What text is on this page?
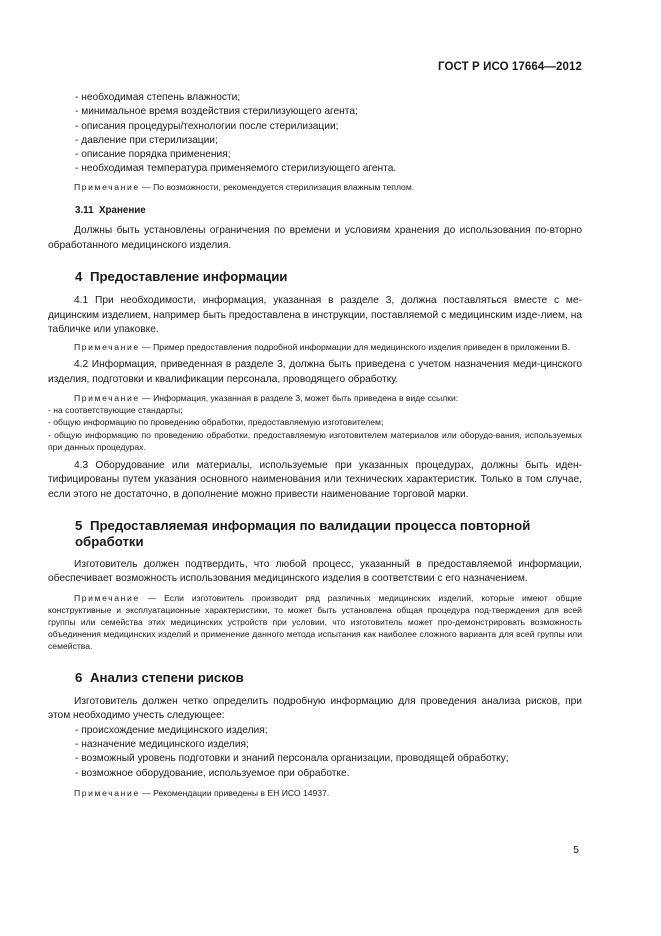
ГОСТ Р ИСО 17664—2012
- необходимая степень влажности;
- минимальное время воздействия стерилизующего агента;
- описания процедуры/технологии после стерилизации;
- давление при стерилизации;
- описание порядка применения;
- необходимая температура применяемого стерилизующего агента.
Примечание — По возможности, рекомендуется стерилизация влажным теплом.
3.11 Хранение
Должны быть установлены ограничения по времени и условиям хранения до использования по-вторно обработанного медицинского изделия.
4 Предоставление информации
4.1 При необходимости, информация, указанная в разделе 3, должна поставляться вместе с ме-дицинским изделием, например быть предоставлена в инструкции, поставляемой с медицинским изде-лием, на табличке или упаковке.
Примечание — Пример предоставления подробной информации для медицинского изделия приведен в приложении В.
4.2 Информация, приведенная в разделе 3, должна быть приведена с учетом назначения меди-цинского изделия, подготовки и квалификации персонала, проводящего обработку.
Примечание — Информация, указанная в разделе 3, может быть приведена в виде ссылки:
- на соответствующие стандарты;
- общую информацию по проведению обработки, предоставляемую изготовителем;
- общую информацию по проведению обработки, предоставляемую изготовителем материалов или оборудо-вания, используемых при данных процедурах.
4.3 Оборудование или материалы, используемые при указанных процедурах, должны быть иден-тифицированы путем указания основного наименования или технических характеристик. Только в том случае, если этого не достаточно, в дополнение можно привести наименование торговой марки.
5 Предоставляемая информация по валидации процесса повторной
обработки
Изготовитель должен подтвердить, что любой процесс, указанный в предоставляемой информации, обеспечивает возможность использования медицинского изделия в соответствии с его назначением.
Примечание — Если изготовитель производит ряд различных медицинских изделий, которые имеют общие конструктивные и эксплуатационные характеристики, то может быть установлена общая процедура под-тверждения для всей группы или семейства этих медицинских устройств при условии, что изготовитель может про-демонстрировать возможность объединения медицинских изделий и применение данного метода испытания как наиболее сложного варианта для всей группы или семейства.
6 Анализ степени рисков
Изготовитель должен четко определить подробную информацию для проведения анализа рисков, при этом необходимо учесть следующее:
- происхождение медицинского изделия;
- назначение медицинского изделия;
- возможный уровень подготовки и знаний персонала организации, проводящей обработку;
- возможное оборудование, используемое при обработке.
Примечание — Рекомендации приведены в ЕН ИСО 14937.
5
